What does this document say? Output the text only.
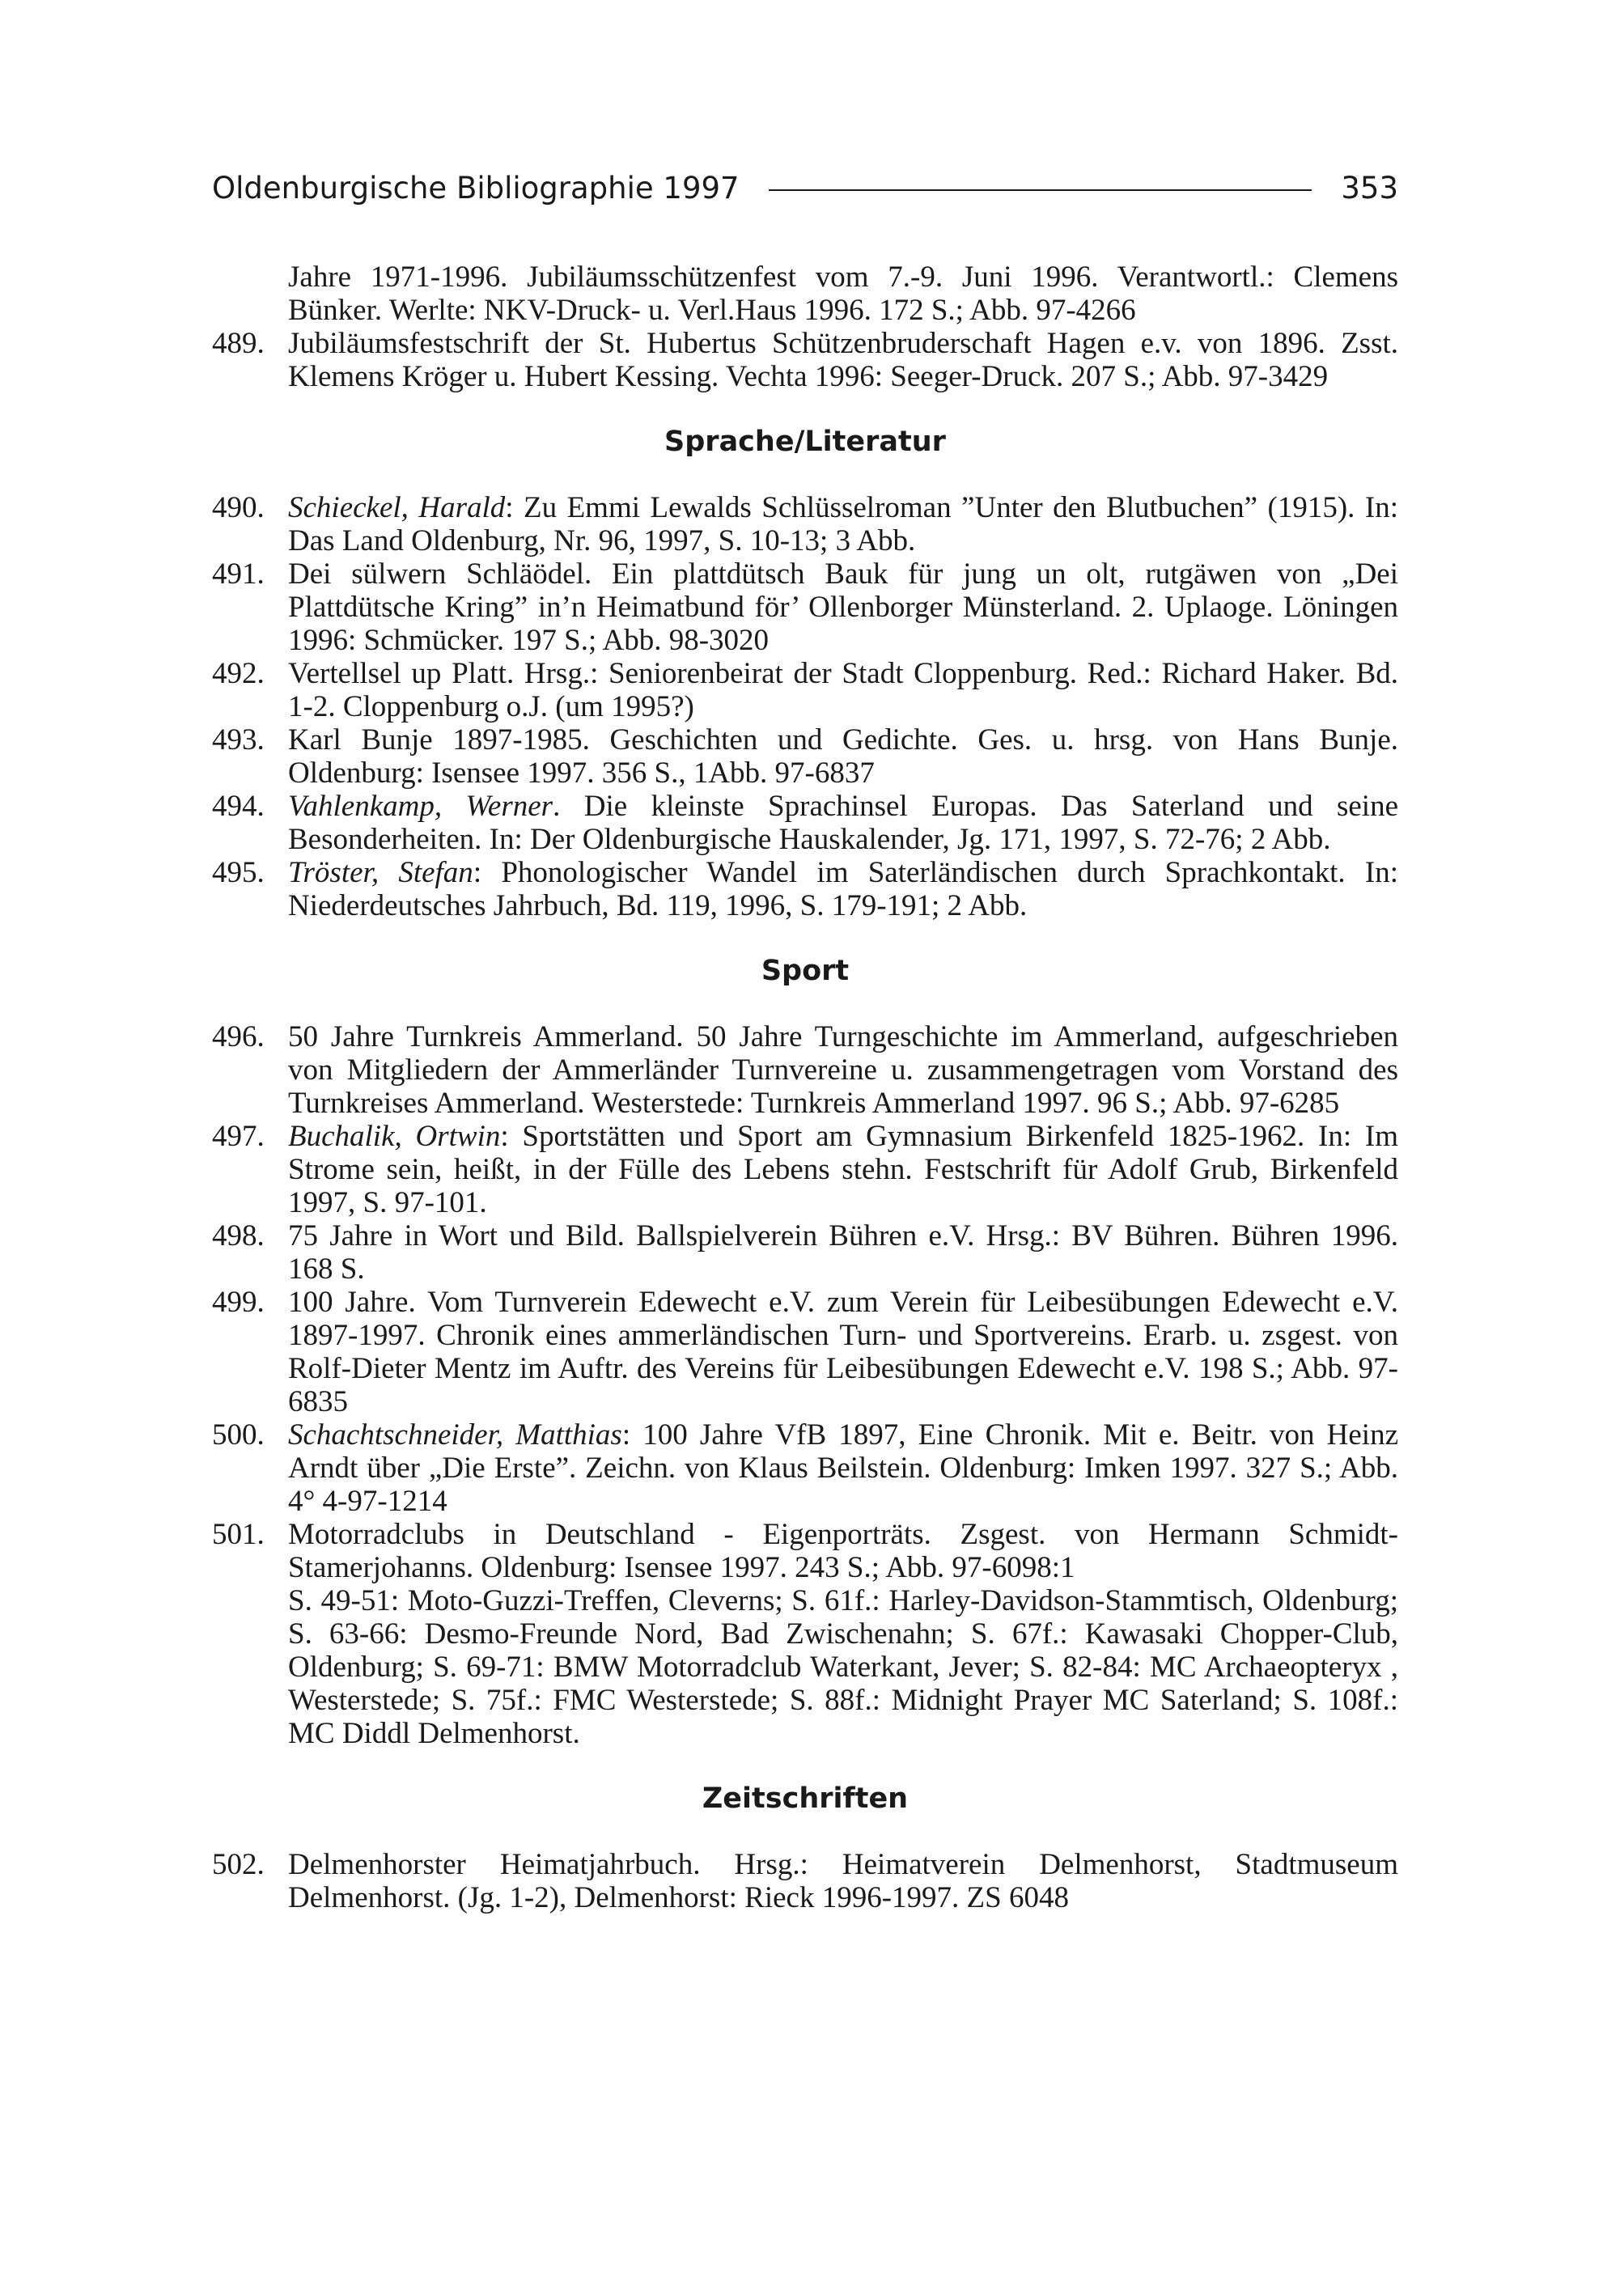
Oldenburgische Bibliographie 1997	353
Jahre 1971-1996. Jubiläumsschützenfest vom 7.-9. Juni 1996. Verantwortl.: Clemens Bünker. Werlte: NKV-Druck- u. Verl.Haus 1996. 172 S.; Abb. 97-4266
489. Jubiläumsfestschrift der St. Hubertus Schützenbruderschaft Hagen e.v. von 1896. Zsst. Klemens Kröger u. Hubert Kessing. Vechta 1996: Seeger-Druck. 207 S.; Abb. 97-3429
Sprache/Literatur
490. Schieckel, Harald: Zu Emmi Lewalds Schlüsselroman ”Unter den Blutbuchen” (1915). In: Das Land Oldenburg, Nr. 96, 1997, S. 10-13; 3 Abb.
491. Dei sülwern Schläödel. Ein plattdütsch Bauk für jung un olt, rutgäwen von „Dei Plattdütsche Kring” in’n Heimatbund för’ Ollenborger Münsterland. 2. Uplaoge. Löningen 1996: Schmücker. 197 S.; Abb. 98-3020
492. Vertellsel up Platt. Hrsg.: Seniorenbeirat der Stadt Cloppenburg. Red.: Richard Haker. Bd. 1-2. Cloppenburg o.J. (um 1995?)
493. Karl Bunje 1897-1985. Geschichten und Gedichte. Ges. u. hrsg. von Hans Bunje. Oldenburg: Isensee 1997. 356 S., 1Abb. 97-6837
494. Vahlenkamp, Werner. Die kleinste Sprachinsel Europas. Das Saterland und seine Besonderheiten. In: Der Oldenburgische Hauskalender, Jg. 171, 1997, S. 72-76; 2 Abb.
495. Tröster, Stefan: Phonologischer Wandel im Saterländischen durch Sprachkontakt. In: Niederdeutsches Jahrbuch, Bd. 119, 1996, S. 179-191; 2 Abb.
Sport
496. 50 Jahre Turnkreis Ammerland. 50 Jahre Turngeschichte im Ammerland, aufgeschrieben von Mitgliedern der Ammerländer Turnvereine u. zusammengetragen vom Vorstand des Turnkreises Ammerland. Westerstede: Turnkreis Ammerland 1997. 96 S.; Abb. 97-6285
497. Buchalik, Ortwin: Sportstätten und Sport am Gymnasium Birkenfeld 1825-1962. In: Im Strome sein, heißt, in der Fülle des Lebens stehn. Festschrift für Adolf Grub, Birkenfeld 1997, S. 97-101.
498. 75 Jahre in Wort und Bild. Ballspielverein Bühren e.V. Hrsg.: BV Bühren. Bühren 1996. 168 S.
499. 100 Jahre. Vom Turnverein Edewecht e.V. zum Verein für Leibesübungen Edewecht e.V. 1897-1997. Chronik eines ammerländischen Turn- und Sportvereins. Erarb. u. zsgest. von Rolf-Dieter Mentz im Auftr. des Vereins für Leibesübungen Edewecht e.V. 198 S.; Abb. 97-6835
500. Schachtschneider, Matthias: 100 Jahre VfB 1897, Eine Chronik. Mit e. Beitr. von Heinz Arndt über „Die Erste”. Zeichn. von Klaus Beilstein. Oldenburg: Imken 1997. 327 S.; Abb. 4° 4-97-1214
501. Motorradclubs in Deutschland - Eigenporträts. Zsgest. von Hermann Schmidt-Stamerjohanns. Oldenburg: Isensee 1997. 243 S.; Abb. 97-6098:1
S. 49-51: Moto-Guzzi-Treffen, Cleverns; S. 61f.: Harley-Davidson-Stammtisch, Oldenburg; S. 63-66: Desmo-Freunde Nord, Bad Zwischenahn; S. 67f.: Kawasaki Chopper-Club, Oldenburg; S. 69-71: BMW Motorradclub Waterkant, Jever; S. 82-84: MC Archaeopteryx , Westerstede; S. 75f.: FMC Westerstede; S. 88f.: Midnight Prayer MC Saterland; S. 108f.: MC Diddl Delmenhorst.
Zeitschriften
502. Delmenhorster Heimatjahrbuch. Hrsg.: Heimatverein Delmenhorst, Stadtmuseum Delmenhorst. (Jg. 1-2), Delmenhorst: Rieck 1996-1997. ZS 6048
